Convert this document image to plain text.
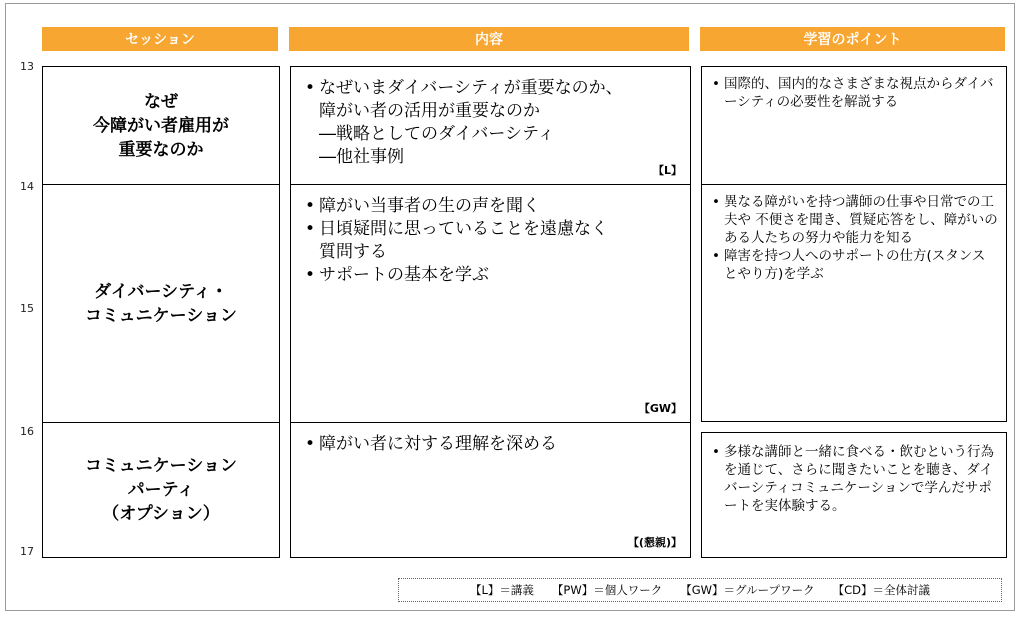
セッション	内容	学習のポイント
13
14
15
16
17
なぜ
今障がい者雇用が
重要なのか
ダイバーシティ・
コミュニケーション
コミュニケーション
パーティ
（オプション）
• なぜいまダイバーシティが重要なのか、
障がい者の活用が重要なのか
―戦略としてのダイバーシティ
―他社事例
【L】
• 障がい当事者の生の声を聞く
• 日頃疑問に思っていることを遠慮なく
質問する
• サポートの基本を学ぶ
【GW】
• 障がい者に対する理解を深める
【(懇親)】
• 国際的、国内的なさまざまな視点からダイバーシティの必要性を解説する
• 異なる障がいを持つ講師の仕事や日常での工夫や 不便さを聞き、質疑応答をし、障がいのある人たちの努力や能力を知る
• 障害を持つ人へのサポートの仕方(スタンスとやり方)を学ぶ
• 多様な講師と一緒に食べる・飲むという行為を通じて、さらに聞きたいことを聴き、ダイバーシティコミュニケーションで学んだサポートを実体験する。
【L】＝講義 【PW】＝個人ワーク 【GW】＝グループワーク 【CD】＝全体討議
